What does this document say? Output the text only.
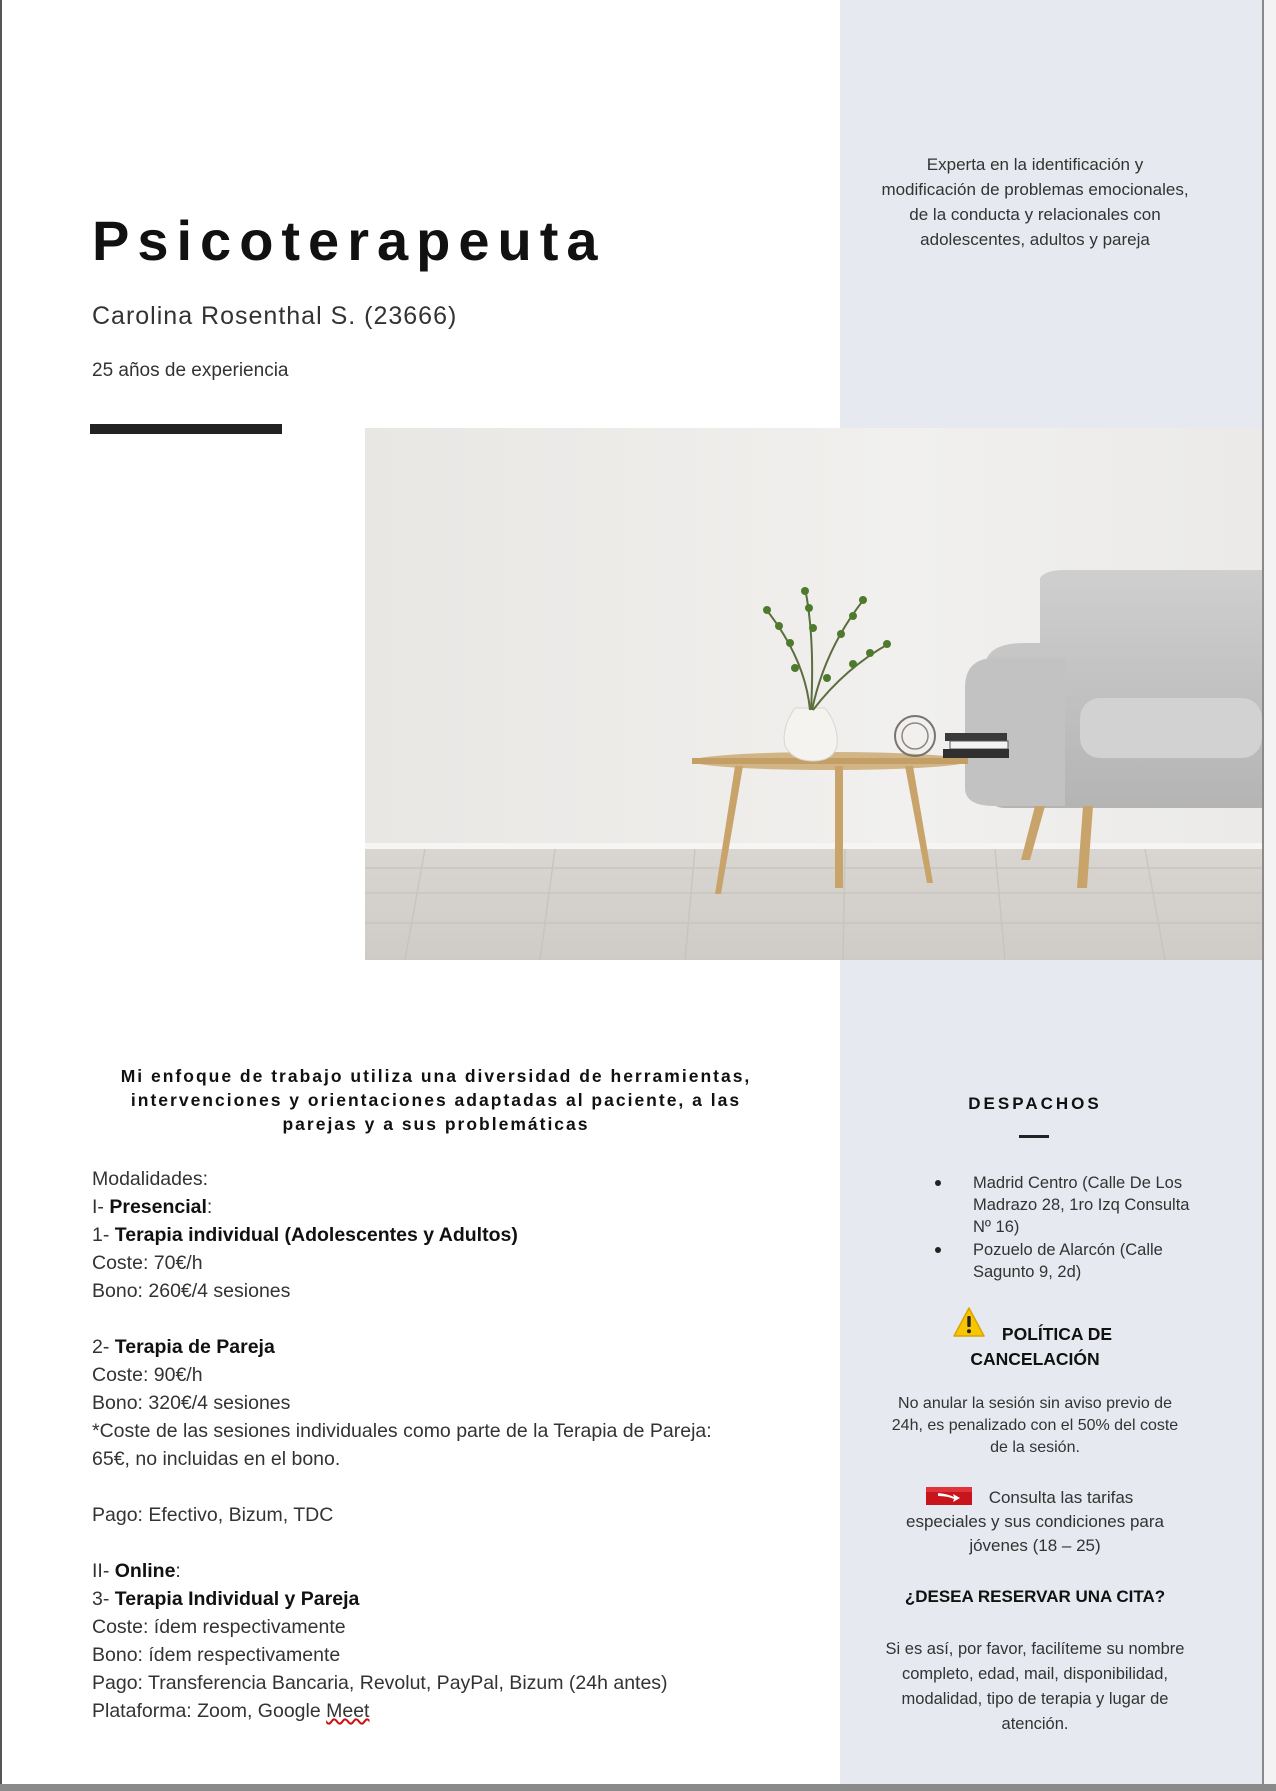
Experta en la identificación y modificación de problemas emocionales, de la conducta y relacionales con adolescentes, adultos y pareja
Psicoterapeuta
Carolina Rosenthal S. (23666)
25 años de experiencia
Mi enfoque de trabajo utiliza una diversidad de herramientas, intervenciones y orientaciones adaptadas al paciente, a las parejas y a sus problemáticas
Modalidades:
I- Presencial:
1- Terapia individual (Adolescentes y Adultos)
Coste: 70€/h
Bono: 260€/4 sesiones
2- Terapia de Pareja
Coste: 90€/h
Bono: 320€/4 sesiones
*Coste de las sesiones individuales como parte de la Terapia de Pareja:
65€, no incluidas en el bono.
Pago: Efectivo, Bizum, TDC
II- Online:
3- Terapia Individual y Pareja
Coste: ídem respectivamente
Bono: ídem respectivamente
Pago: Transferencia Bancaria, Revolut, PayPal, Bizum (24h antes)
Plataforma: Zoom, Google Meet
DESPACHOS
Madrid Centro (Calle De Los Madrazo 28, 1ro Izq Consulta Nº 16)
Pozuelo de Alarcón (Calle Sagunto 9, 2d)
POLÍTICA DE
CANCELACIÓN
No anular la sesión sin aviso previo de 24h, es penalizado con el 50% del coste de la sesión.
Consulta las tarifas
especiales y sus condiciones para jóvenes (18 – 25)
¿DESEA RESERVAR UNA CITA?
Si es así, por favor, facilíteme su nombre completo, edad, mail, disponibilidad, modalidad, tipo de terapia y lugar de atención.
